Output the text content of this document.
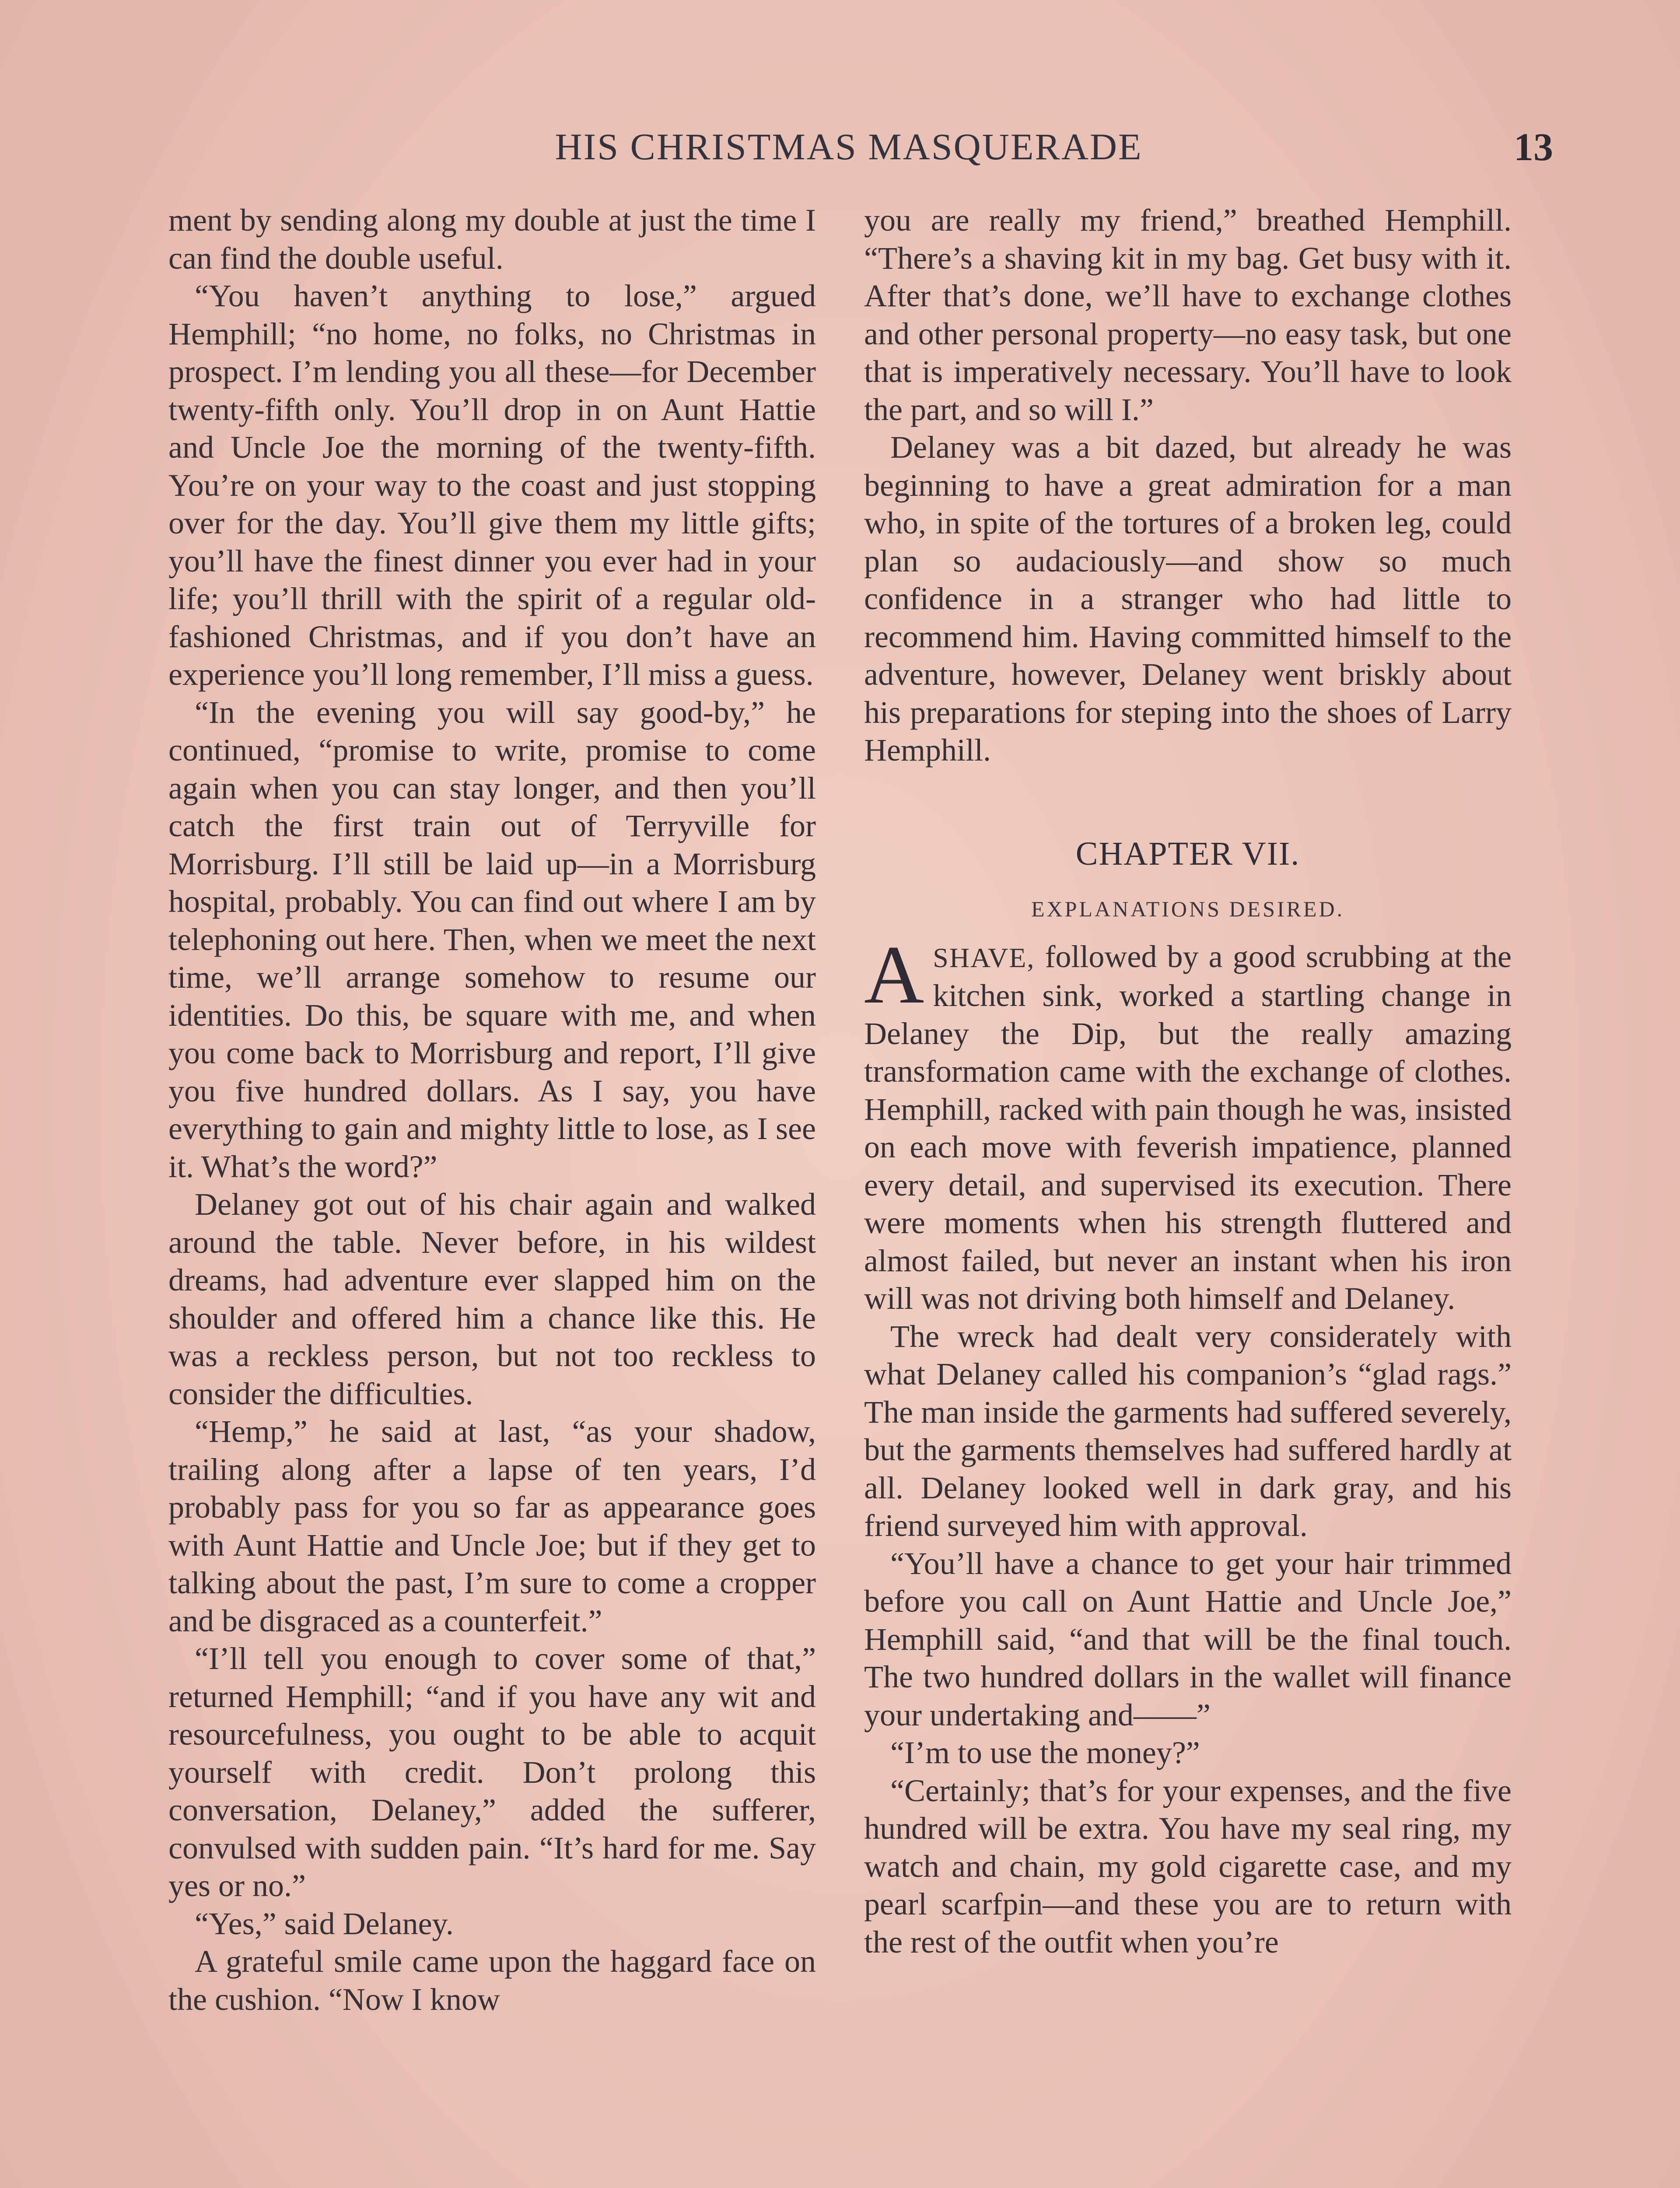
HIS CHRISTMAS MASQUERADE	13

ment by sending along my double at just the time I can find the double useful.

“You haven’t anything to lose,” argued Hemphill; “no home, no folks, no Christmas in prospect. I’m lending you all these—for December twenty-fifth only. You’ll drop in on Aunt Hattie and Uncle Joe the morning of the twenty-fifth. You’re on your way to the coast and just stopping over for the day. You’ll give them my little gifts; you’ll have the finest dinner you ever had in your life; you’ll thrill with the spirit of a regular old-fashioned Christmas, and if you don’t have an experience you’ll long remember, I’ll miss a guess.

“In the evening you will say good-by,” he continued, “promise to write, promise to come again when you can stay longer, and then you’ll catch the first train out of Terryville for Morrisburg. I’ll still be laid up—in a Morrisburg hospital, probably. You can find out where I am by telephoning out here. Then, when we meet the next time, we’ll arrange somehow to resume our identities. Do this, be square with me, and when you come back to Morrisburg and report, I’ll give you five hundred dollars. As I say, you have everything to gain and mighty little to lose, as I see it. What’s the word?”

Delaney got out of his chair again and walked around the table. Never before, in his wildest dreams, had adventure ever slapped him on the shoulder and offered him a chance like this. He was a reckless person, but not too reckless to consider the difficulties.

“Hemp,” he said at last, “as your shadow, trailing along after a lapse of ten years, I’d probably pass for you so far as appearance goes with Aunt Hattie and Uncle Joe; but if they get to talking about the past, I’m sure to come a cropper and be disgraced as a counterfeit.”

“I’ll tell you enough to cover some of that,” returned Hemphill; “and if you have any wit and resourcefulness, you ought to be able to acquit yourself with credit. Don’t prolong this conversation, Delaney,” added the sufferer, convulsed with sudden pain. “It’s hard for me. Say yes or no.”

“Yes,” said Delaney.

A grateful smile came upon the haggard face on the cushion. “Now I know

you are really my friend,” breathed Hemphill. “There’s a shaving kit in my bag. Get busy with it. After that’s done, we’ll have to exchange clothes and other personal property—no easy task, but one that is imperatively necessary. You’ll have to look the part, and so will I.”

Delaney was a bit dazed, but already he was beginning to have a great admiration for a man who, in spite of the tortures of a broken leg, could plan so audaciously—and show so much confidence in a stranger who had little to recommend him. Having committed himself to the adventure, however, Delaney went briskly about his preparations for steping into the shoes of Larry Hemphill.

CHAPTER VII.
EXPLANATIONS DESIRED.

ASHAVE, followed by a good scrubbing at the kitchen sink, worked a startling change in Delaney the Dip, but the really amazing transformation came with the exchange of clothes. Hemphill, racked with pain though he was, insisted on each move with feverish impatience, planned every detail, and supervised its execution. There were moments when his strength fluttered and almost failed, but never an instant when his iron will was not driving both himself and Delaney.

The wreck had dealt very considerately with what Delaney called his companion’s “glad rags.” The man inside the garments had suffered severely, but the garments themselves had suffered hardly at all. Delaney looked well in dark gray, and his friend surveyed him with approval.

“You’ll have a chance to get your hair trimmed before you call on Aunt Hattie and Uncle Joe,” Hemphill said, “and that will be the final touch. The two hundred dollars in the wallet will finance your undertaking and——”

“I’m to use the money?”

“Certainly; that’s for your expenses, and the five hundred will be extra. You have my seal ring, my watch and chain, my gold cigarette case, and my pearl scarfpin—and these you are to return with the rest of the outfit when you’re
